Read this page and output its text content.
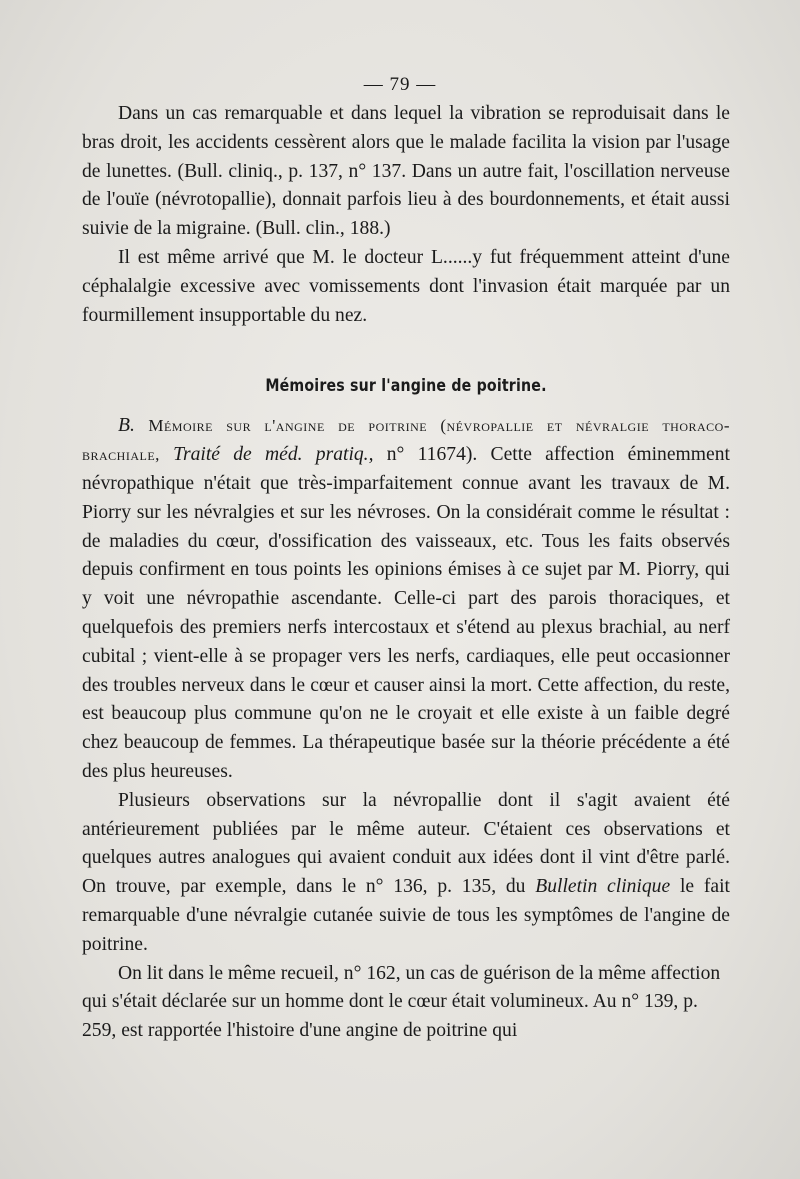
— 79 —

Dans un cas remarquable et dans lequel la vibration se reproduisait dans le bras droit, les accidents cessèrent alors que le malade facilita la vision par l'usage de lunettes. (Bull. cliniq., p. 137, n° 137. Dans un autre fait, l'oscillation nerveuse de l'ouïe (névrotopallie), donnait parfois lieu à des bourdonnements, et était aussi suivie de la migraine. (Bull. clin., 188.)

Il est même arrivé que M. le docteur L......y fut fréquemment atteint d'une céphalalgie excessive avec vomissements dont l'invasion était marquée par un fourmillement insupportable du nez.

Mémoires sur l'angine de poitrine.

B. Mémoire sur l'angine de poitrine (névropallie et névralgie thoraco-brachiale, Traité de méd. pratiq., n° 11674). Cette affection éminemment névropathique n'était que très-imparfaitement connue avant les travaux de M. Piorry sur les névralgies et sur les névroses. On la considérait comme le résultat : de maladies du cœur, d'ossification des vaisseaux, etc. Tous les faits observés depuis confirment en tous points les opinions émises à ce sujet par M. Piorry, qui y voit une névropathie ascendante. Celle-ci part des parois thoraciques, et quelquefois des premiers nerfs intercostaux et s'étend au plexus brachial, au nerf cubital ; vient-elle à se propager vers les nerfs, cardiaques, elle peut occasionner des troubles nerveux dans le cœur et causer ainsi la mort. Cette affection, du reste, est beaucoup plus commune qu'on ne le croyait et elle existe à un faible degré chez beaucoup de femmes. La thérapeutique basée sur la théorie précédente a été des plus heureuses.

Plusieurs observations sur la névropallie dont il s'agit avaient été antérieurement publiées par le même auteur. C'étaient ces observations et quelques autres analogues qui avaient conduit aux idées dont il vint d'être parlé. On trouve, par exemple, dans le n° 136, p. 135, du Bulletin clinique le fait remarquable d'une névralgie cutanée suivie de tous les symptômes de l'angine de poitrine.

On lit dans le même recueil, n° 162, un cas de guérison de la même affection qui s'était déclarée sur un homme dont le cœur était volumineux. Au n° 139, p. 259, est rapportée l'histoire d'une angine de poitrine qui
